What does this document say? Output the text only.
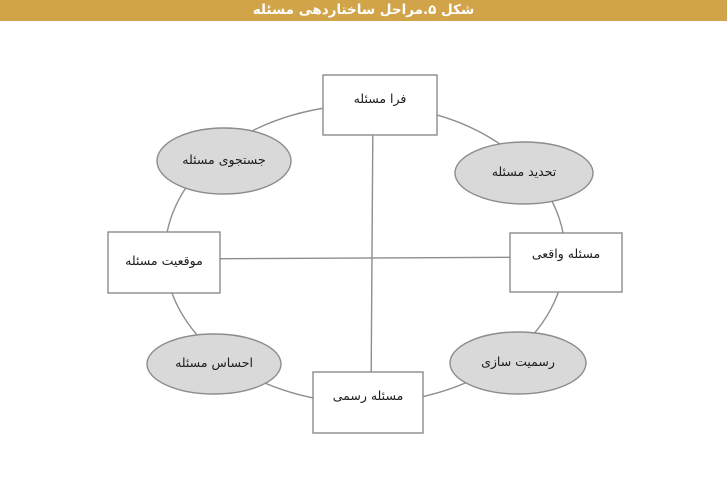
شکل ۵.مراحل ساختاردهی مسئله
فرا مسئله
تحدید مسئله
مسئله واقعی
رسمیت سازی
مسئله رسمی
احساس مسئله
موقعیت مسئله
جستجوی مسئله
